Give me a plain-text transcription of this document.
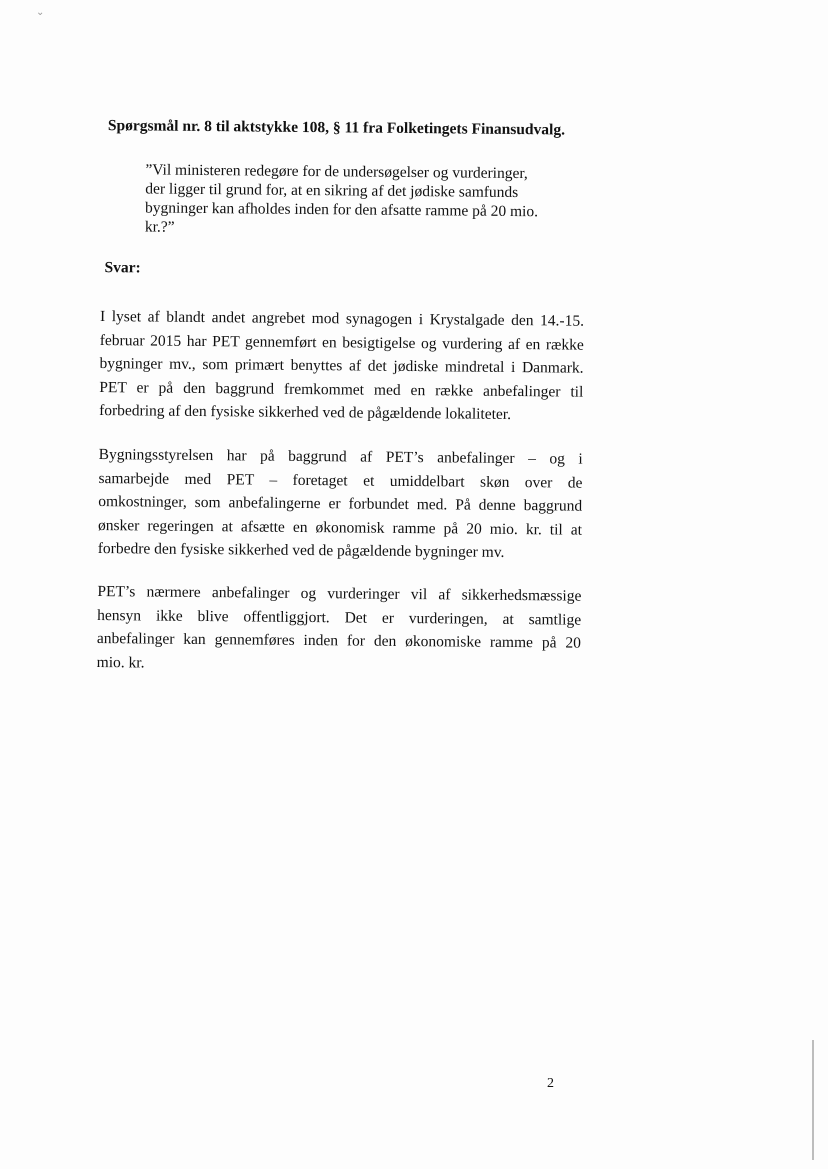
⌄
Spørgsmål nr. 8 til aktstykke 108, § 11 fra Folketingets Finansudvalg.
”Vil ministeren redegøre for de undersøgelser og vurderinger,
der ligger til grund for, at en sikring af det jødiske samfunds
bygninger kan afholdes inden for den afsatte ramme på 20 mio.
kr.?”
Svar:
I lyset af blandt andet angrebet mod synagogen i Krystalgade den 14.-15.
februar 2015 har PET gennemført en besigtigelse og vurdering af en række
bygninger mv., som primært benyttes af det jødiske mindretal i Danmark.
PET er på den baggrund fremkommet med en række anbefalinger til
forbedring af den fysiske sikkerhed ved de pågældende lokaliteter.
Bygningsstyrelsen har på baggrund af PET’s anbefalinger – og i
samarbejde med PET – foretaget et umiddelbart skøn over de
omkostninger, som anbefalingerne er forbundet med. På denne baggrund
ønsker regeringen at afsætte en økonomisk ramme på 20 mio. kr. til at
forbedre den fysiske sikkerhed ved de pågældende bygninger mv.
PET’s nærmere anbefalinger og vurderinger vil af sikkerhedsmæssige
hensyn ikke blive offentliggjort. Det er vurderingen, at samtlige
anbefalinger kan gennemføres inden for den økonomiske ramme på 20
mio. kr.
2
